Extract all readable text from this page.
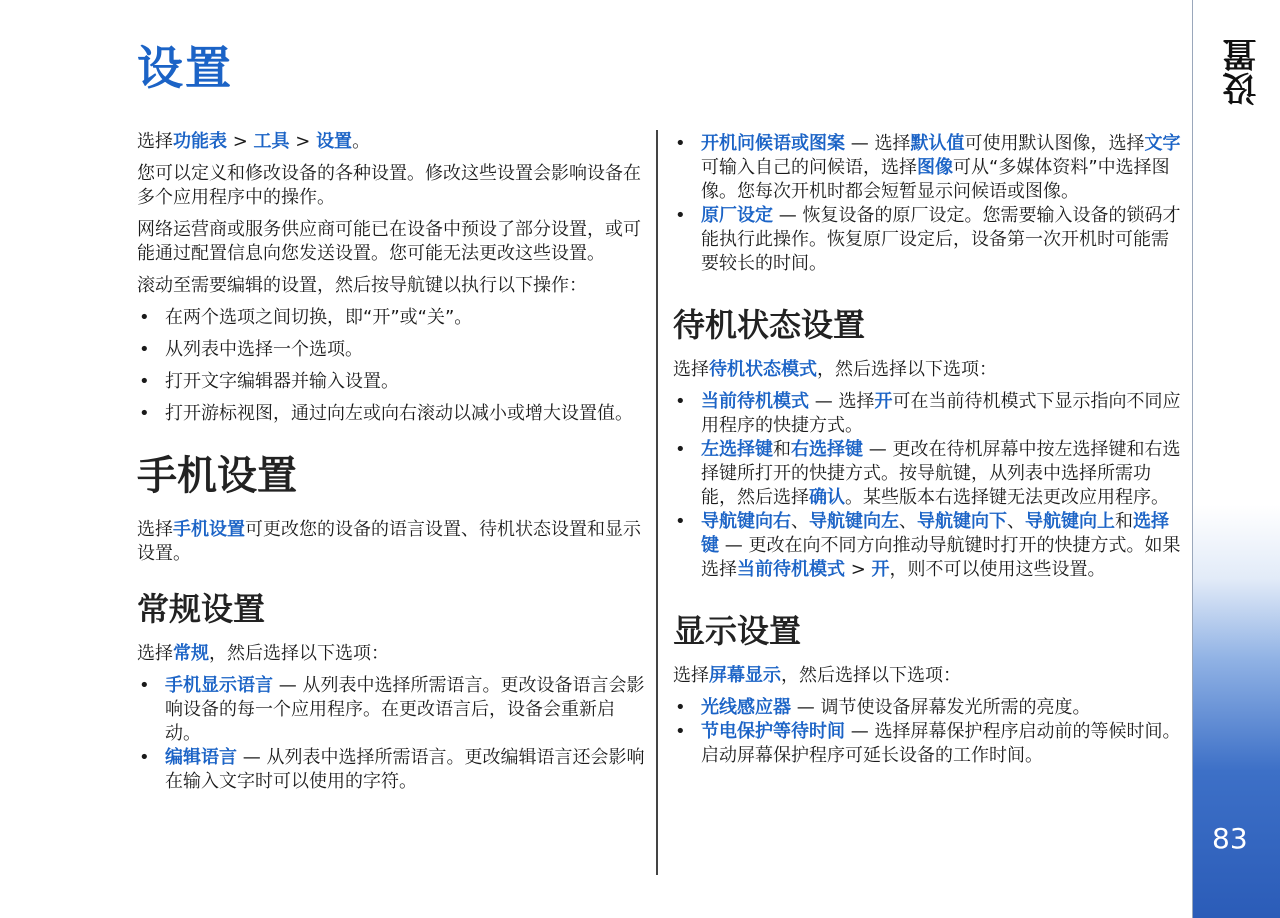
设置

选择功能表 > 工具 > 设置。

您可以定义和修改设备的各种设置。修改这些设置会影响设备在多个应用程序中的操作。

网络运营商或服务供应商可能已在设备中预设了部分设置，或可能通过配置信息向您发送设置。您可能无法更改这些设置。

滚动至需要编辑的设置，然后按导航键以执行以下操作：

• 在两个选项之间切换，即“开”或“关”。
• 从列表中选择一个选项。
• 打开文字编辑器并输入设置。
• 打开游标视图，通过向左或向右滚动以减小或增大设置值。
手机设置

选择手机设置可更改您的设备的语言设置、待机状态设置和显示设置。

常规设置

选择常规，然后选择以下选项：

• 手机显示语言 — 从列表中选择所需语言。更改设备语言会影响设备的每一个应用程序。在更改语言后，设备会重新启动。
• 编辑语言 — 从列表中选择所需语言。更改编辑语言还会影响在输入文字时可以使用的字符。
• 开机问候语或图案 — 选择默认值可使用默认图像，选择文字可输入自己的问候语，选择图像可从“多媒体资料”中选择图像。您每次开机时都会短暂显示问候语或图像。
• 原厂设定 — 恢复设备的原厂设定。您需要输入设备的锁码才能执行此操作。恢复原厂设定后，设备第一次开机时可能需要较长的时间。
待机状态设置

选择待机状态模式，然后选择以下选项：

• 当前待机模式 — 选择开可在当前待机模式下显示指向不同应用程序的快捷方式。
• 左选择键和右选择键 — 更改在待机屏幕中按左选择键和右选择键所打开的快捷方式。按导航键，从列表中选择所需功能，然后选择确认。某些版本右选择键无法更改应用程序。
• 导航键向右、导航键向左、导航键向下、导航键向上和选择键 — 更改在向不同方向推动导航键时打开的快捷方式。如果选择当前待机模式 > 开，则不可以使用这些设置。
显示设置

选择屏幕显示，然后选择以下选项：

• 光线感应器 — 调节使设备屏幕发光所需的亮度。
• 节电保护等待时间 — 选择屏幕保护程序启动前的等候时间。启动屏幕保护程序可延长设备的工作时间。
设置
83
